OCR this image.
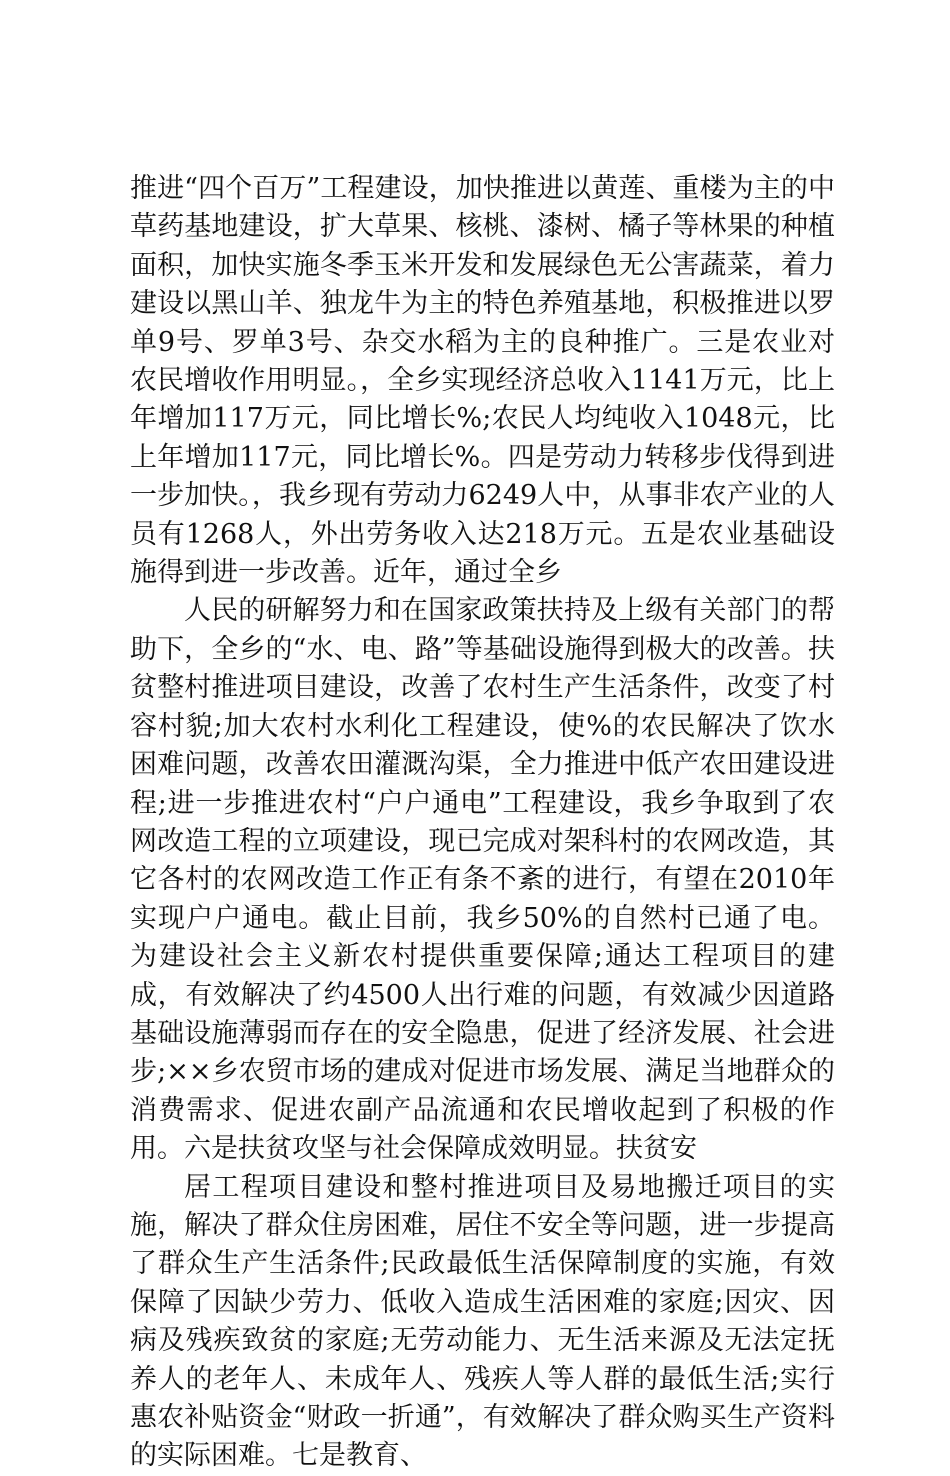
推进“四个百万”工程建设，加快推进以黄莲、重楼为主的中草药基地建设，扩大草果、核桃、漆树、橘子等林果的种植面积，加快实施冬季玉米开发和发展绿色无公害蔬菜，着力建设以黑山羊、独龙牛为主的特色养殖基地，积极推进以罗单9号、罗单3号、杂交水稻为主的良种推广。三是农业对农民增收作用明显。，全乡实现经济总收入1141万元，比上年增加117万元，同比增长%;农民人均纯收入1048元，比上年增加117元，同比增长%。四是劳动力转移步伐得到进一步加快。，我乡现有劳动力6249人中，从事非农产业的人员有1268人，外出劳务收入达218万元。五是农业基础设施得到进一步改善。近年，通过全乡

人民的研解努力和在国家政策扶持及上级有关部门的帮助下，全乡的“水、电、路”等基础设施得到极大的改善。扶贫整村推进项目建设，改善了农村生产生活条件，改变了村容村貌;加大农村水利化工程建设，使%的农民解决了饮水困难问题，改善农田灌溉沟渠，全力推进中低产农田建设进程;进一步推进农村“户户通电”工程建设，我乡争取到了农网改造工程的立项建设，现已完成对架科村的农网改造，其它各村的农网改造工作正有条不紊的进行，有望在2010年实现户户通电。截止目前，我乡50%的自然村已通了电。为建设社会主义新农村提供重要保障;通达工程项目的建成，有效解决了约4500人出行难的问题，有效减少因道路基础设施薄弱而存在的安全隐患，促进了经济发展、社会进步;××乡农贸市场的建成对促进市场发展、满足当地群众的消费需求、促进农副产品流通和农民增收起到了积极的作用。六是扶贫攻坚与社会保障成效明显。扶贫安

居工程项目建设和整村推进项目及易地搬迁项目的实施，解决了群众住房困难，居住不安全等问题，进一步提高了群众生产生活条件;民政最低生活保障制度的实施，有效保障了因缺少劳力、低收入造成生活困难的家庭;因灾、因病及残疾致贫的家庭;无劳动能力、无生活来源及无法定抚养人的老年人、未成年人、残疾人等人群的最低生活;实行惠农补贴资金“财政一折通”，有效解决了群众购买生产资料的实际困难。七是教育、
